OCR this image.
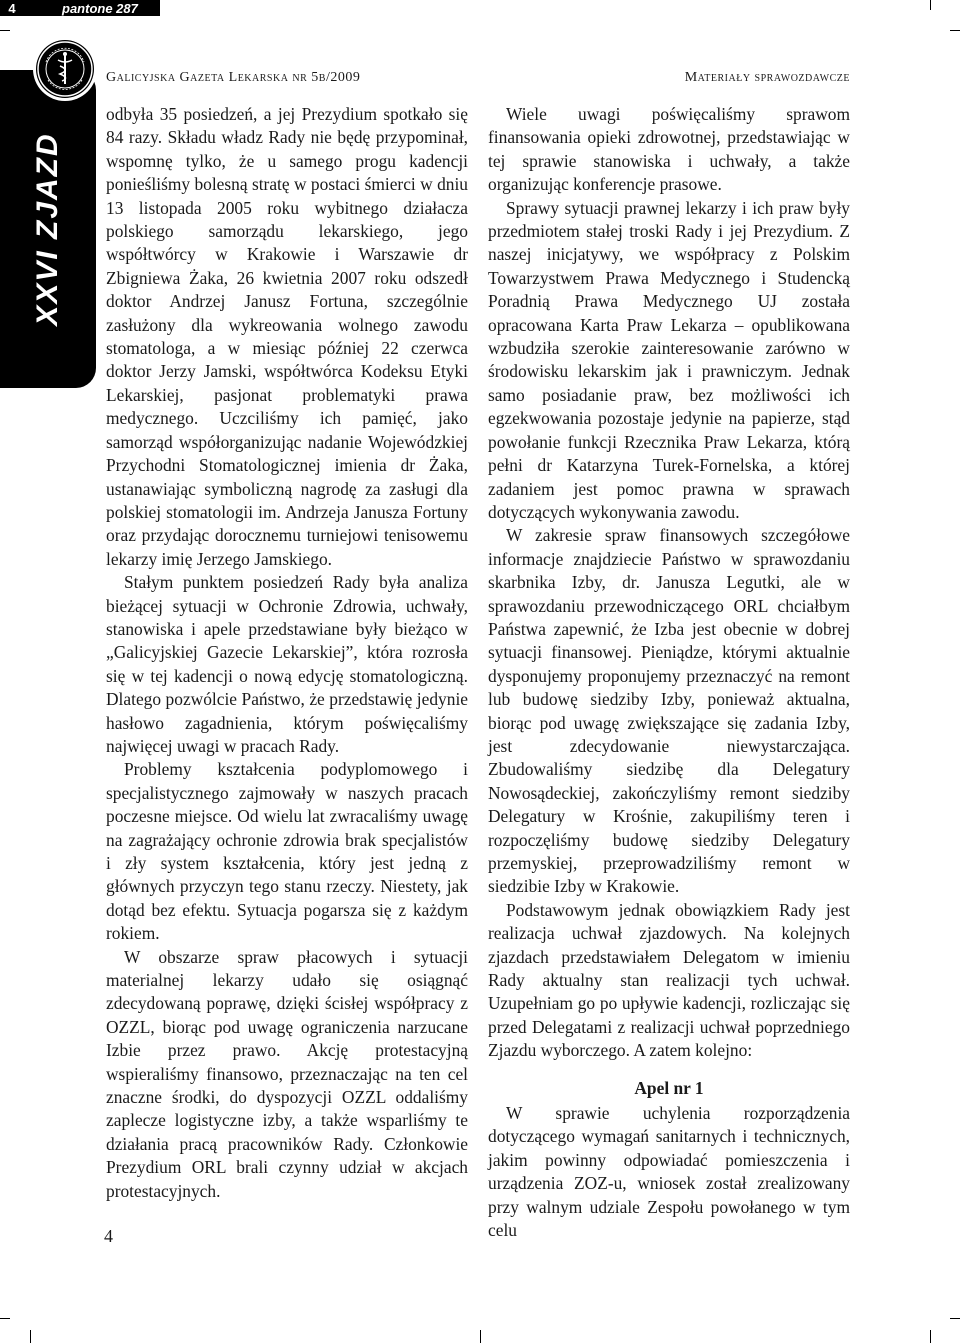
4	pantone 287
XXVI ZJAZD
Galicyjska Gazeta Lekarska nr 5b/2009	Materiały sprawozdawcze

odbyła 35 posiedzeń, a jej Prezydium spotkało się 84 razy. Składu władz Rady nie będę przypominał, wspomnę tylko, że u samego progu kadencji ponieśliśmy bolesną stratę w postaci śmierci w dniu 13 listopada 2005 roku wybitnego działacza polskiego samorządu lekarskiego, jego współtwórcy w Krakowie i Warszawie dr Zbigniewa Żaka, 26 kwietnia 2007 roku odszedł doktor Andrzej Janusz Fortuna, szczególnie zasłużony dla wykreowania wolnego zawodu stomatologa, a w miesiąc później 22 czerwca doktor Jerzy Jamski, współtwórca Kodeksu Etyki Lekarskiej, pasjonat problematyki prawa medycznego. Uczciliśmy ich pamięć, jako samorząd współorganizując nadanie Wojewódzkiej Przychodni Stomatologicznej imienia dr Żaka, ustanawiając symboliczną nagrodę za zasługi dla polskiej stomatologii im. Andrzeja Janusza Fortuny oraz przydając dorocznemu turniejowi tenisowemu lekarzy imię Jerzego Jamskiego.

Stałym punktem posiedzeń Rady była analiza bieżącej sytuacji w Ochronie Zdrowia, uchwały, stanowiska i apele przedstawiane były bieżąco w „Galicyjskiej Gazecie Lekarskiej”, która rozrosła się w tej kadencji o nową edycję stomatologiczną. Dlatego pozwólcie Państwo, że przedstawię jedynie hasłowo zagadnienia, którym poświęcaliśmy najwięcej uwagi w pracach Rady.

Problemy kształcenia podyplomowego i specjalistycznego zajmowały w naszych pracach poczesne miejsce. Od wielu lat zwracaliśmy uwagę na zagrażający ochronie zdrowia brak specjalistów i zły system kształcenia, który jest jedną z głównych przyczyn tego stanu rzeczy. Niestety, jak dotąd bez efektu. Sytuacja pogarsza się z każdym rokiem.

W obszarze spraw płacowych i sytuacji materialnej lekarzy udało się osiągnąć zdecydowaną poprawę, dzięki ścisłej współpracy z OZZL, biorąc pod uwagę ograniczenia narzucane Izbie przez prawo. Akcję protestacyjną wspieraliśmy finansowo, przeznaczając na ten cel znaczne środki, do dyspozycji OZZL oddaliśmy zaplecze logistyczne izby, a także wsparliśmy te działania pracą pracowników Rady. Członkowie Prezydium ORL brali czynny udział w akcjach protestacyjnych.

Wiele uwagi poświęcaliśmy sprawom finansowania opieki zdrowotnej, przedstawiając w tej sprawie stanowiska i uchwały, a także organizując konferencje prasowe.

Sprawy sytuacji prawnej lekarzy i ich praw były przedmiotem stałej troski Rady i jej Prezydium. Z naszej inicjatywy, we współpracy z Polskim Towarzystwem Prawa Medycznego i Studencką Poradnią Prawa Medycznego UJ została opracowana Karta Praw Lekarza – opublikowana wzbudziła szerokie zainteresowanie zarówno w środowisku lekarskim jak i prawniczym. Jednak samo posiadanie praw, bez możliwości ich egzekwowania pozostaje jedynie na papierze, stąd powołanie funkcji Rzecznika Praw Lekarza, którą pełni dr Katarzyna Turek-Fornelska, a której zadaniem jest pomoc prawna w sprawach dotyczących wykonywania zawodu.

W zakresie spraw finansowych szczegółowe informacje znajdziecie Państwo w sprawozdaniu skarbnika Izby, dr. Janusza Legutki, ale w sprawozdaniu przewodniczącego ORL chciałbym Państwa zapewnić, że Izba jest obecnie w dobrej sytuacji finansowej. Pieniądze, którymi aktualnie dysponujemy proponujemy przeznaczyć na remont lub budowę siedziby Izby, ponieważ aktualna, biorąc pod uwagę zwiększające się zadania Izby, jest zdecydowanie niewystarczająca. Zbudowaliśmy siedzibę dla Delegatury Nowosądeckiej, zakończyliśmy remont siedziby Delegatury w Krośnie, zakupiliśmy teren i rozpoczęliśmy budowę siedziby Delegatury przemyskiej, przeprowadziliśmy remont w siedzibie Izby w Krakowie.

Podstawowym jednak obowiązkiem Rady jest realizacja uchwał zjazdowych. Na kolejnych zjazdach przedstawiałem Delegatom w imieniu Rady aktualny stan realizacji tych uchwał. Uzupełniam go po upływie kadencji, rozliczając się przed Delegatami z realizacji uchwał poprzedniego Zjazdu wyborczego. A zatem kolejno:

Apel nr 1

W sprawie uchylenia rozporządzenia dotyczącego wymagań sanitarnych i technicznych, jakim powinny odpowiadać pomieszczenia i urządzenia ZOZ-u, wniosek został zrealizowany przy walnym udziale Zespołu powołanego w tym celu

4
